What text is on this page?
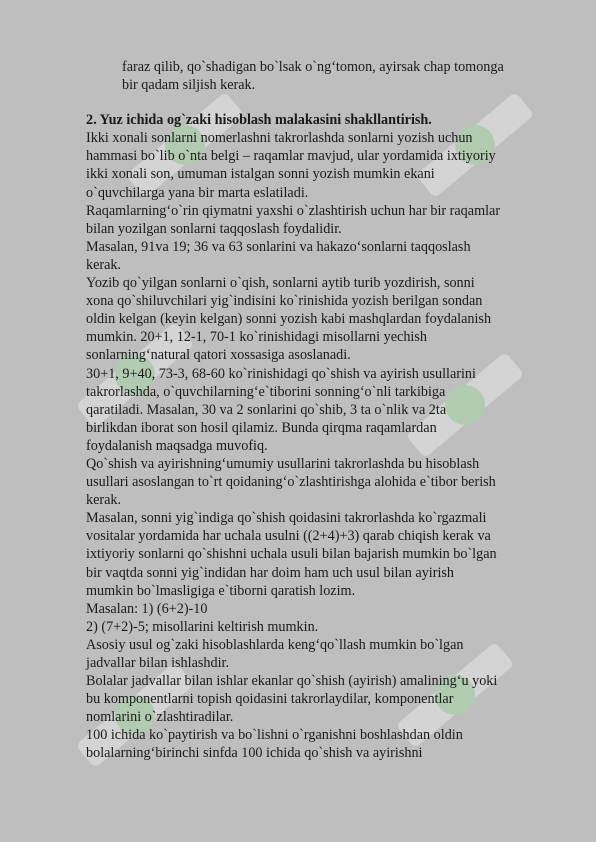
faraz qilib, qo`shadigan bo`lsak o`ng‘tomon, ayirsak chap tomonga

bir qadam siljish kerak.

2. Yuz ichida og`zaki hisoblash malakasini shakllantirish.

Ikki xonali sonlarni nomerlashni takrorlashda sonlarni yozish uchun

hammasi bo`lib o`nta belgi – raqamlar mavjud, ular yordamida ixtiyoriy

ikki xonali son, umuman istalgan sonni yozish mumkin ekani

o`quvchilarga yana bir marta eslatiladi.

Raqamlarning‘o`rin qiymatni yaxshi o`zlashtirish uchun har bir raqamlar

bilan yozilgan sonlarni taqqoslash foydalidir.

Masalan, 91va 19; 36 va 63 sonlarini va hakazo‘sonlarni taqqoslash

kerak.

Yozib qo`yilgan sonlarni o`qish, sonlarni aytib turib yozdirish, sonni

xona qo`shiluvchilari yig`indisini ko`rinishida yozish berilgan sondan

oldin kelgan (keyin kelgan) sonni yozish kabi mashqlardan foydalanish

mumkin. 20+1, 12-1, 70-1 ko`rinishidagi misollarni yechish

sonlarning‘natural qatori xossasiga asoslanadi.

30+1, 9+40, 73-3, 68-60 ko`rinishidagi qo`shish va ayirish usullarini

takrorlashda, o`quvchilarning‘e`tiborini sonning‘o`nli tarkibiga

qaratiladi. Masalan, 30 va 2 sonlarini qo`shib, 3 ta o`nlik va 2ta

birlikdan iborat son hosil qilamiz. Bunda qirqma raqamlardan

foydalanish maqsadga muvofiq.

Qo`shish va ayirishning‘umumiy usullarini takrorlashda bu hisoblash

usullari asoslangan to`rt qoidaning‘o`zlashtirishga alohida e`tibor berish

kerak.

Masalan, sonni yig`indiga qo`shish qoidasini takrorlashda ko`rgazmali

vositalar yordamida har uchala usulni ((2+4)+3) qarab chiqish kerak va

ixtiyoriy sonlarni qo`shishni uchala usuli bilan bajarish mumkin bo`lgan

bir vaqtda sonni yig`indidan har doim ham uch usul bilan ayirish

mumkin bo`lmasligiga e`tiborni qaratish lozim.

Masalan: 1) (6+2)-10

2) (7+2)-5; misollarini keltirish mumkin.

Asosiy usul og`zaki hisoblashlarda keng‘qo`llash mumkin bo`lgan

jadvallar bilan ishlashdir.

Bolalar jadvallar bilan ishlar ekanlar qo`shish (ayirish) amalining‘u yoki

bu komponentlarni topish qoidasini takrorlaydilar, komponentlar

nomlarini o`zlashtiradilar.

100 ichida ko`paytirish va bo`lishni o`rganishni boshlashdan oldin

bolalarning‘birinchi sinfda 100 ichida qo`shish va ayirishni
